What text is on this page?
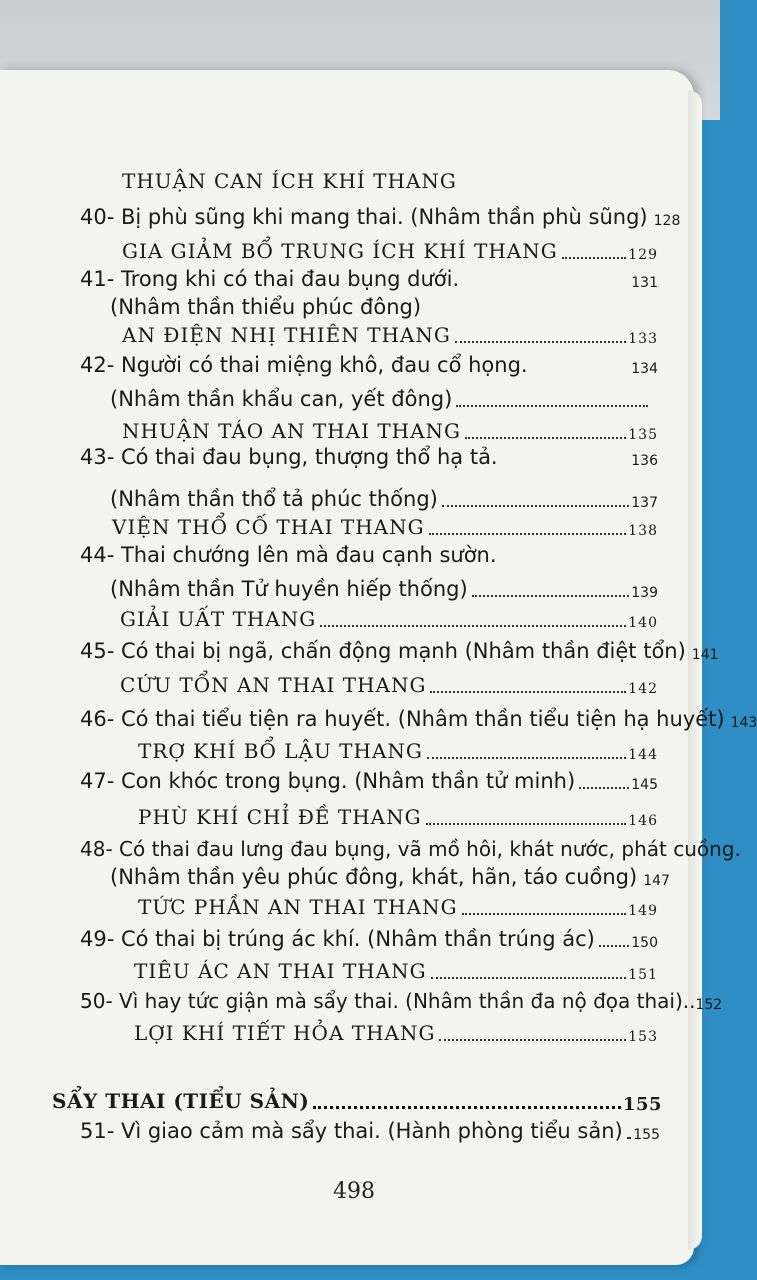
THUẬN CAN ÍCH KHÍ THANG
40- Bị phù sũng khi mang thai. (Nhâm thần phù sũng) 128
GIA GIẢM BỔ TRUNG ÍCH KHÍ THANG	129
41- Trong khi có thai đau bụng dưới.	131
(Nhâm thần thiểu phúc đông)
AN ĐIỆN NHỊ THIÊN THANG	133
42- Người có thai miệng khô, đau cổ họng.	134
(Nhâm thần khẩu can, yết đông)
NHUẬN TÁO AN THAI THANG	135
43- Có thai đau bụng, thượng thổ hạ tả.	136
(Nhâm thần thổ tả phúc thống)	137
VIỆN THỔ CỐ THAI THANG	138
44- Thai chướng lên mà đau cạnh sườn.
(Nhâm thần Tử huyền hiếp thống)	139
GIẢI UẤT THANG	140
45- Có thai bị ngã, chấn động mạnh (Nhâm thần điệt tổn) 141
CỨU TỔN AN THAI THANG	142
46- Có thai tiểu tiện ra huyết. (Nhâm thần tiểu tiện hạ huyết) 143
TRỢ KHÍ BỔ LẬU THANG	144
47- Con khóc trong bụng. (Nhâm thần tử minh)	145
PHÙ KHÍ CHỈ ĐỀ THANG	146
48- Có thai đau lưng đau bụng, vã mồ hôi, khát nước, phát cuồng.
(Nhâm thần yêu phúc đông, khát, hãn, táo cuồng) 147
TỨC PHẦN AN THAI THANG	149
49- Có thai bị trúng ác khí. (Nhâm thần trúng ác)	150
TIÊU ÁC AN THAI THANG	151
50- Vì hay tức giận mà sẩy thai. (Nhâm thần đa nộ đọa thai).. 152
LỢI KHÍ TIẾT HỎA THANG	153
SẨY THAI (TIỂU SẢN)	155
51- Vì giao cảm mà sẩy thai. (Hành phòng tiểu sản) 155
498
